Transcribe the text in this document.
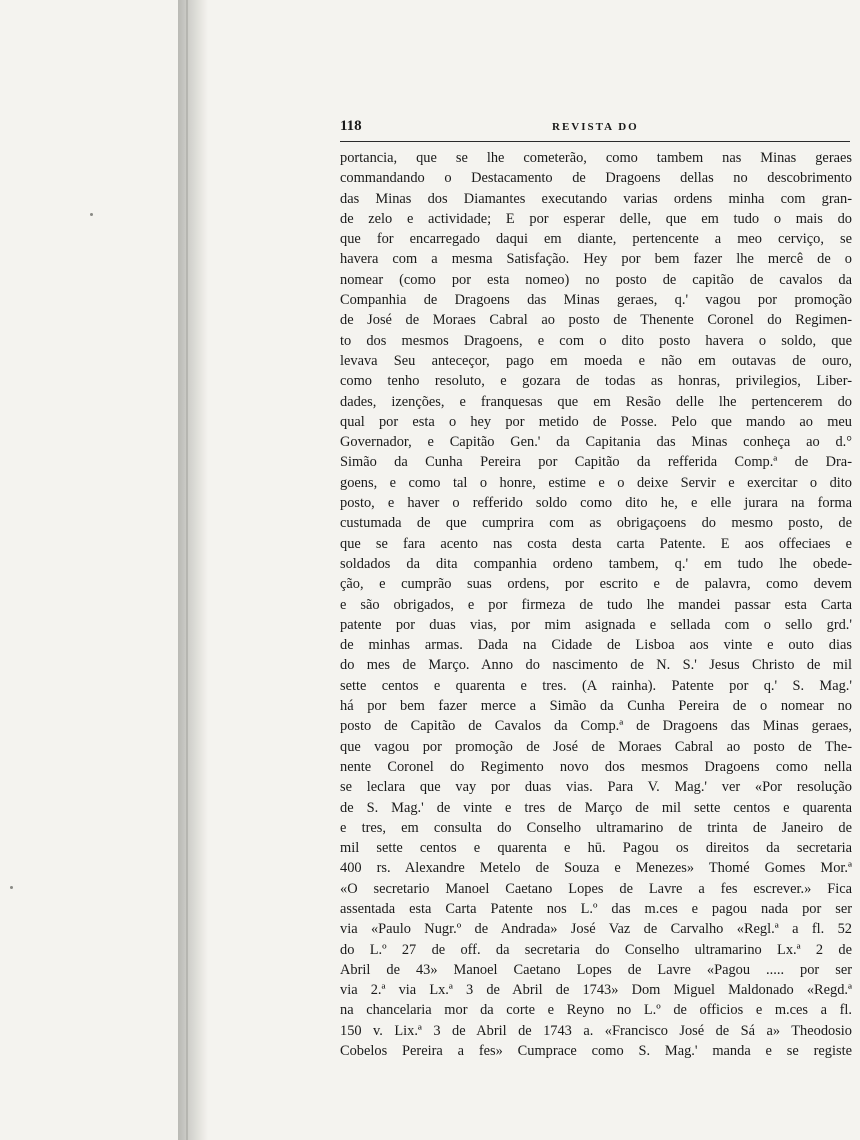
118	REVISTA DO
portancia, que se lhe cometerão, como tambem nas Minas geraes
commandando o Destacamento de Dragoens dellas no descobrimento
das Minas dos Diamantes executando varias ordens minha com gran-
de zelo e actividade; E por esperar delle, que em tudo o mais do
que for encarregado daqui em diante, pertencente a meo cerviço, se
havera com a mesma Satisfação. Hey por bem fazer lhe mercê de o
nomear (como por esta nomeo) no posto de capitão de cavalos da
Companhia de Dragoens das Minas geraes, q.' vagou por promoção
de José de Moraes Cabral ao posto de Thenente Coronel do Regimen-
to dos mesmos Dragoens, e com o dito posto havera o soldo, que
levava Seu anteceçor, pago em moeda e não em outavas de ouro,
como tenho resoluto, e gozara de todas as honras, privilegios, Liber-
dades, izenções, e franquesas que em Resão delle lhe pertencerem do
qual por esta o hey por metido de Posse. Pelo que mando ao meu
Governador, e Capitão Gen.' da Capitania das Minas conheça ao d.°
Simão da Cunha Pereira por Capitão da refferida Comp.ª de Dra-
goens, e como tal o honre, estime e o deixe Servir e exercitar o dito
posto, e haver o refferido soldo como dito he, e elle jurara na forma
custumada de que cumprira com as obrigaçoens do mesmo posto, de
que se fara acento nas costa desta carta Patente. E aos offeciaes e
soldados da dita companhia ordeno tambem, q.' em tudo lhe obede-
ção, e cumprão suas ordens, por escrito e de palavra, como devem
e são obrigados, e por firmeza de tudo lhe mandei passar esta Carta
patente por duas vias, por mim asignada e sellada com o sello grd.'
de minhas armas. Dada na Cidade de Lisboa aos vinte e outo dias
do mes de Março. Anno do nascimento de N. S.' Jesus Christo de mil
sette centos e quarenta e tres. (A rainha). Patente por q.' S. Mag.'
há por bem fazer merce a Simão da Cunha Pereira de o nomear no
posto de Capitão de Cavalos da Comp.ª de Dragoens das Minas geraes,
que vagou por promoção de José de Moraes Cabral ao posto de The-
nente Coronel do Regimento novo dos mesmos Dragoens como nella
se leclara que vay por duas vias. Para V. Mag.' ver «Por resolução
de S. Mag.' de vinte e tres de Março de mil sette centos e quarenta
e tres, em consulta do Conselho ultramarino de trinta de Janeiro de
mil sette centos e quarenta e hū. Pagou os direitos da secretaria
400 rs. Alexandre Metelo de Souza e Menezes» Thomé Gomes Mor.ª
«O secretario Manoel Caetano Lopes de Lavre a fes escrever.» Fica
assentada esta Carta Patente nos L.º das m.ces e pagou nada por ser
via «Paulo Nugr.º de Andrada» José Vaz de Carvalho «Regl.ª a fl. 52
do L.º 27 de off. da secretaria do Conselho ultramarino Lx.ª 2 de
Abril de 43» Manoel Caetano Lopes de Lavre «Pagou ..... por ser
via 2.ª via Lx.ª 3 de Abril de 1743» Dom Miguel Maldonado «Regd.ª
na chancelaria mor da corte e Reyno no L.º de officios e m.ces a fl.
150 v. Lix.ª 3 de Abril de 1743 a. «Francisco José de Sá a» Theodosio
Cobelos Pereira a fes» Cumprace como S. Mag.' manda e se registe
